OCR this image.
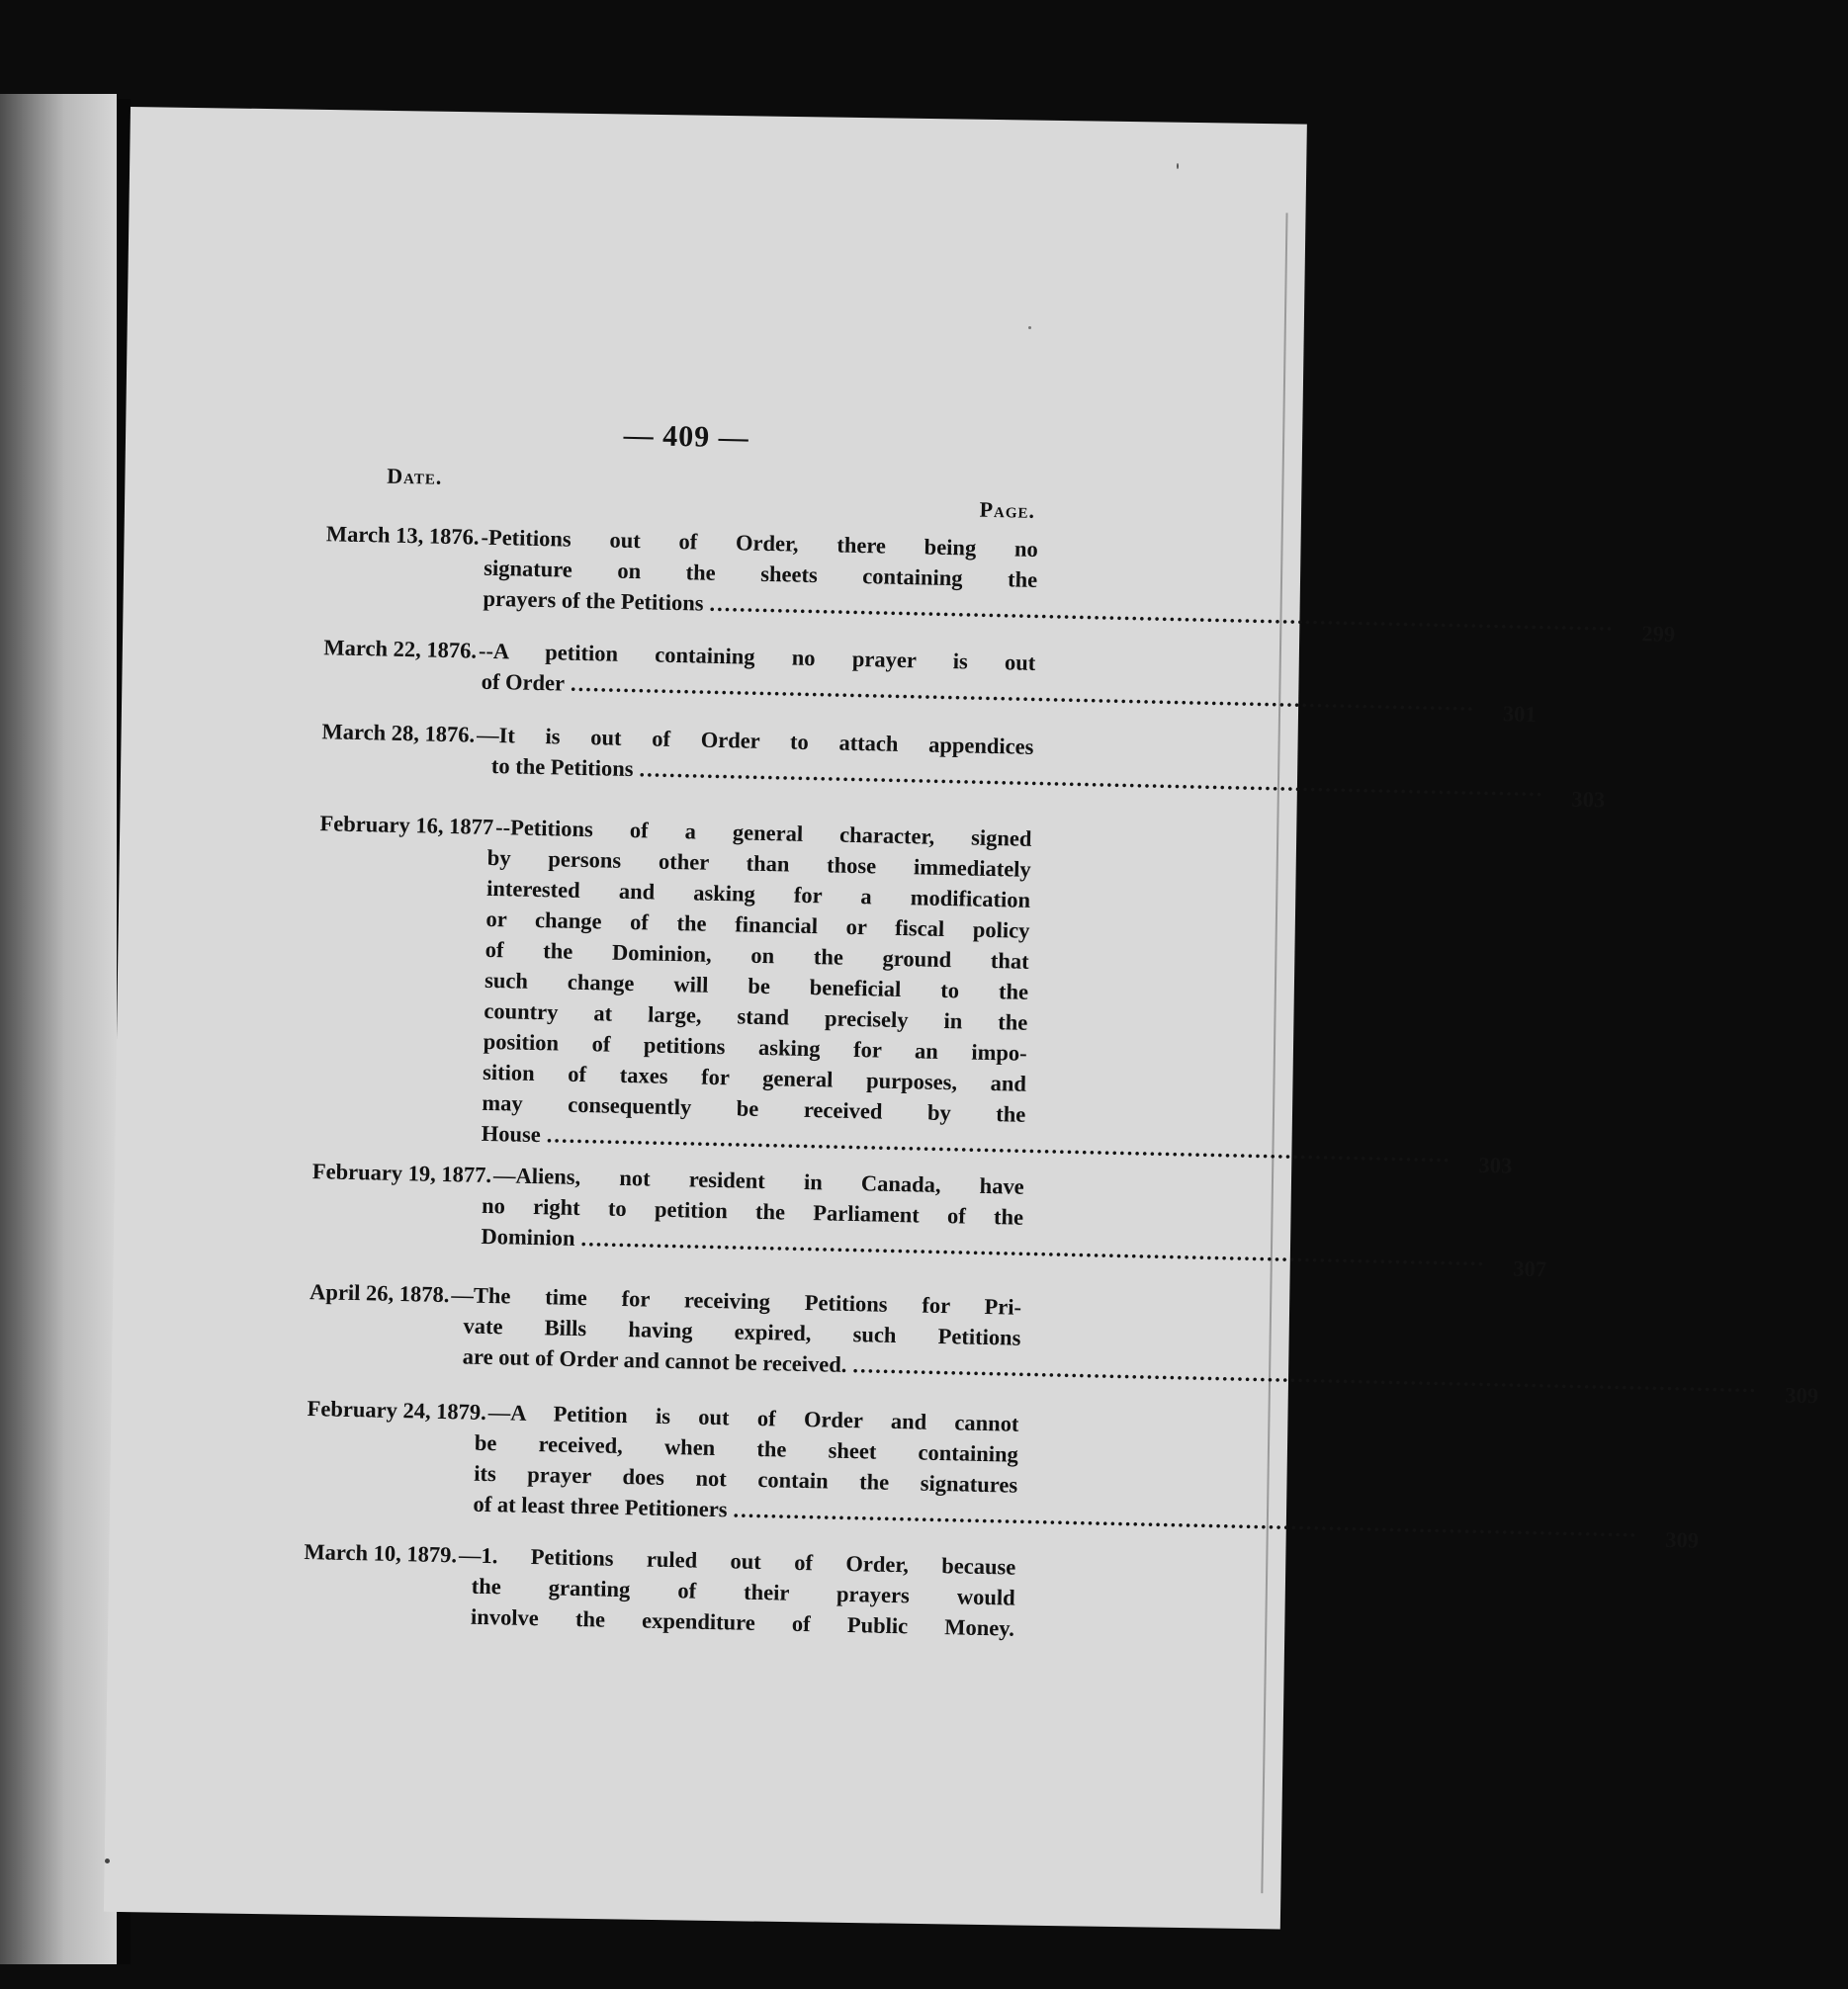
— 409 —
Date.
Page.
March 13, 1876. -Petitions out of Order, there being no
signature on the sheets containing the
prayers of the Petitions ........................................................................................................................	299
March 22, 1876. --A petition containing no prayer is out
of Order ........................................................................................................................	301
March 28, 1876. —It is out of Order to attach appendices
to the Petitions ........................................................................................................................	303
February 16, 1877 --Petitions of a general character, signed
by persons other than those immediately
interested and asking for a modification
or change of the financial or fiscal policy
of the Dominion, on the ground that
such change will be beneficial to the
country at large, stand precisely in the
position of petitions asking for an impo-
sition of taxes for general purposes, and
may consequently be received by the
House ........................................................................................................................	303
February 19, 1877. —Aliens, not resident in Canada, have
no right to petition the Parliament of the
Dominion ........................................................................................................................	307
April 26, 1878. —The time for receiving Petitions for Pri-
vate Bills having expired, such Petitions
are out of Order and cannot be received. ........................................................................................................................	309
February 24, 1879. —A Petition is out of Order and cannot
be received, when the sheet containing
its prayer does not contain the signatures
of at least three Petitioners ........................................................................................................................	309
March 10, 1879. —1. Petitions ruled out of Order, because
the granting of their prayers would
involve the expenditure of Public Money.
